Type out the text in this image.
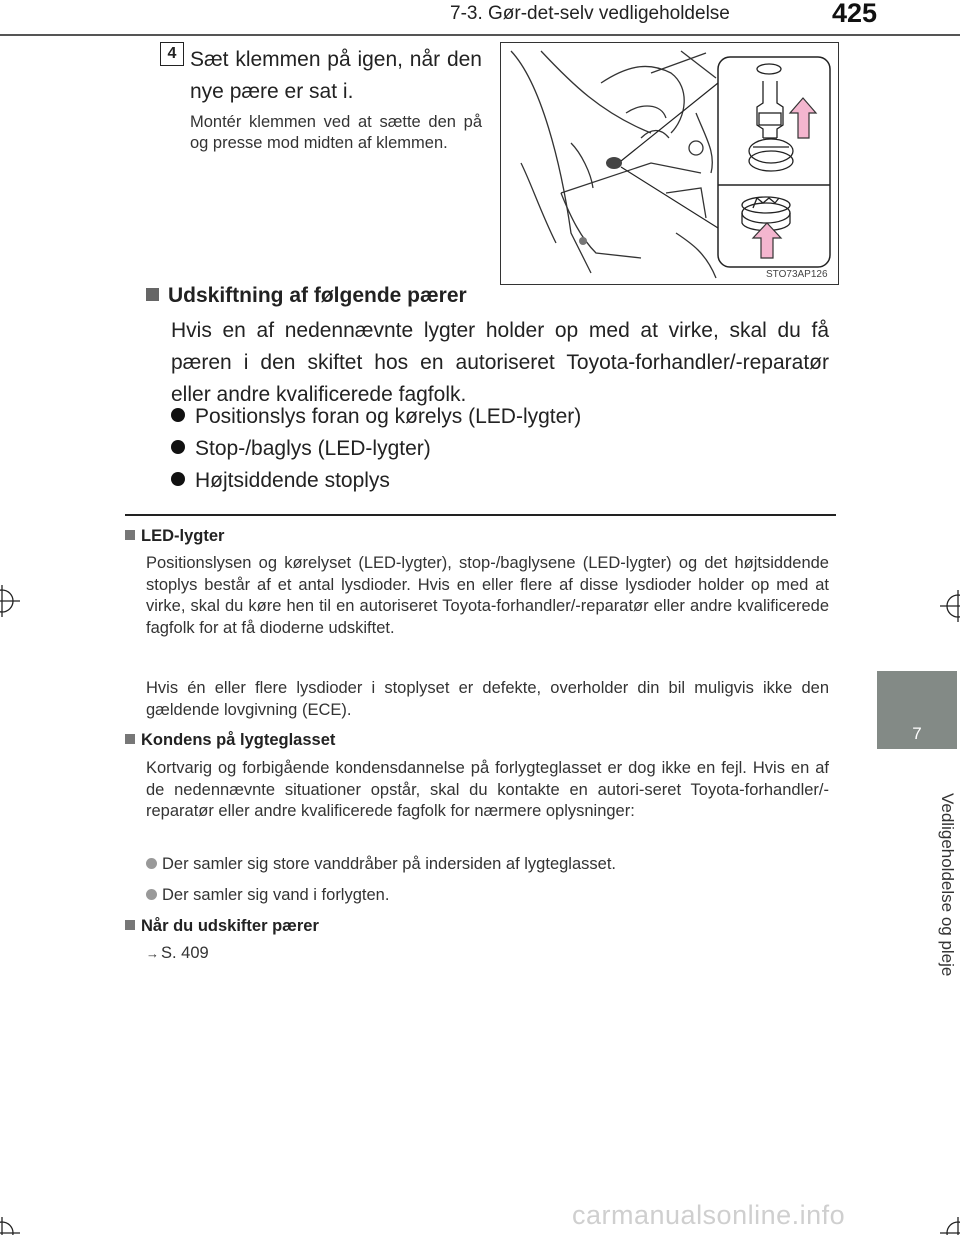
7-3. Gør-det-selv vedligeholdelse	425
7
Vedligeholdelse og pleje
4 Sæt klemmen på igen, når den nye pære er sat i.
Montér klemmen ved at sætte den på og presse mod midten af klemmen.
STO73AP126
Udskiftning af følgende pærer
Hvis en af nedennævnte lygter holder op med at virke, skal du få pæren i den skiftet hos en autoriseret Toyota-forhandler/-reparatør eller andre kvalificerede fagfolk.
Positionslys foran og kørelys (LED-lygter)
Stop-/baglys (LED-lygter)
Højtsiddende stoplys
LED-lygter
Positionslysen og kørelyset (LED-lygter), stop-/baglysene (LED-lygter) og det højtsiddende stoplys består af et antal lysdioder. Hvis en eller flere af disse lysdioder holder op med at virke, skal du køre hen til en autoriseret Toyota-forhandler/-reparatør eller andre kvalificerede fagfolk for at få dioderne udskiftet.
Hvis én eller flere lysdioder i stoplyset er defekte, overholder din bil muligvis ikke den gældende lovgivning (ECE).
Kondens på lygteglasset
Kortvarig og forbigående kondensdannelse på forlygteglasset er dog ikke en fejl. Hvis en af de nedennævnte situationer opstår, skal du kontakte en autori-seret Toyota-forhandler/-reparatør eller andre kvalificerede fagfolk for nærmere oplysninger:
Der samler sig store vanddråber på indersiden af lygteglasset.
Der samler sig vand i forlygten.
Når du udskifter pærer
→ S. 409
carmanualsonline.info
